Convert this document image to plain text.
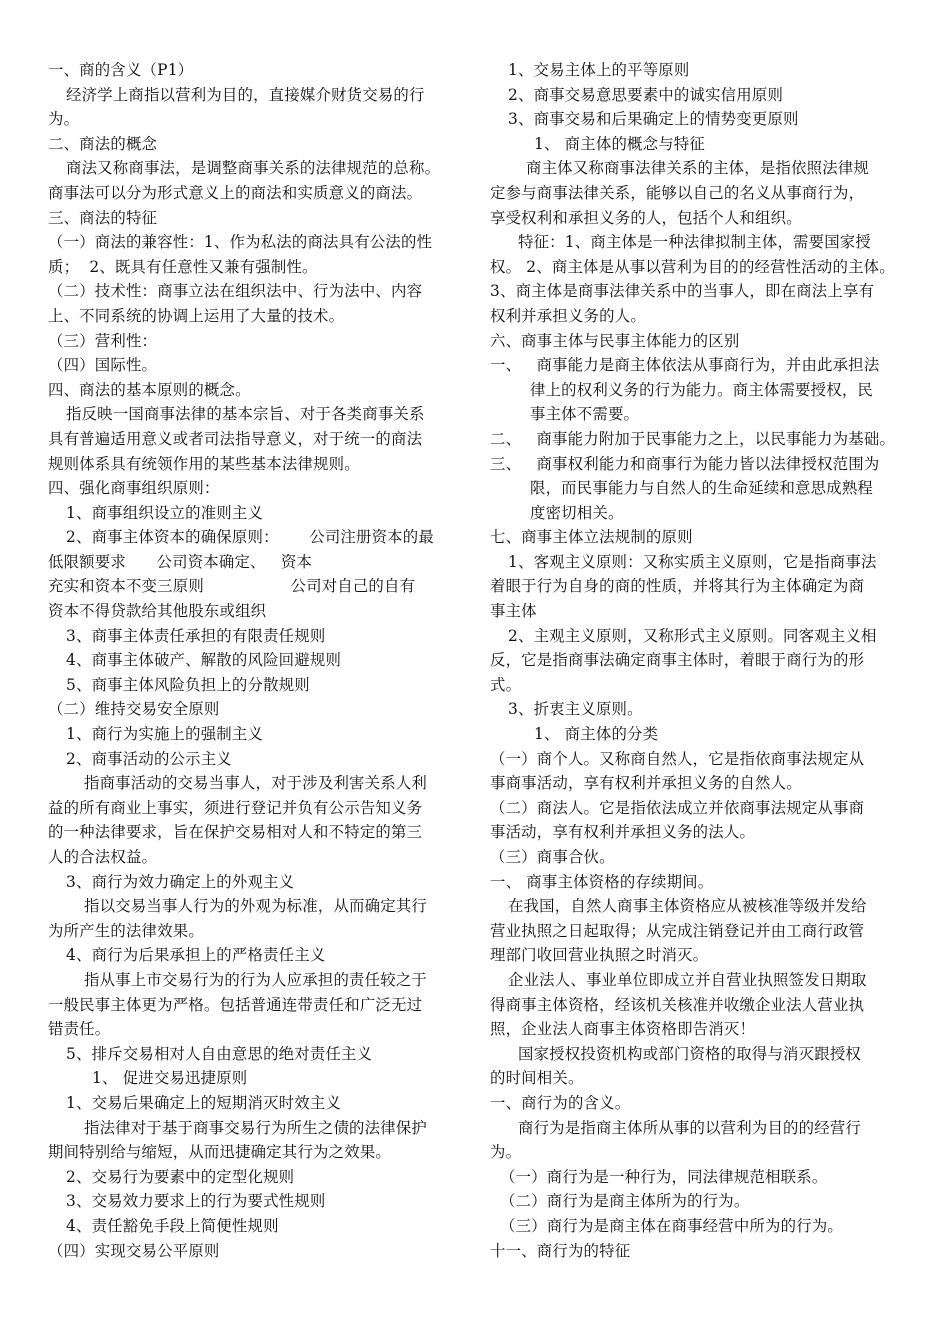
一、商的含义（P1）
经济学上商指以营利为目的，直接媒介财货交易的行
为。
二、商法的概念
商法又称商事法，是调整商事关系的法律规范的总称。
商事法可以分为形式意义上的商法和实质意义的商法。
三、商法的特征
（一）商法的兼容性：1、作为私法的商法具有公法的性
质；  2、既具有任意性又兼有强制性。
（二）技术性：商事立法在组织法中、行为法中、内容
上、不同系统的协调上运用了大量的技术。
（三）营利性：
（四）国际性。
四、商法的基本原则的概念。
指反映一国商事法律的基本宗旨、对于各类商事关系
具有普遍适用意义或者司法指导意义，对于统一的商法
规则体系具有统领作用的某些基本法律规则。
四、强化商事组织原则：
1、商事组织设立的准则主义
2、商事主体资本的确保原则：      公司注册资本的最
低限额要求      公司资本确定、   资本
充实和资本不变三原则                 公司对自己的自有
资本不得贷款给其他股东或组织
3、商事主体责任承担的有限责任规则
4、商事主体破产、解散的风险回避规则
5、商事主体风险负担上的分散规则
（二）维持交易安全原则
1、商行为实施上的强制主义
2、商事活动的公示主义
指商事活动的交易当事人，对于涉及利害关系人利
益的所有商业上事实，须进行登记并负有公示告知义务
的一种法律要求，旨在保护交易相对人和不特定的第三
人的合法权益。
3、商行为效力确定上的外观主义
指以交易当事人行为的外观为标准，从而确定其行
为所产生的法律效果。
4、商行为后果承担上的严格责任主义
指从事上市交易行为的行为人应承担的责任较之于
一般民事主体更为严格。包括普通连带责任和广泛无过
错责任。
5、排斥交易相对人自由意思的绝对责任主义
1、 促进交易迅捷原则
1、交易后果确定上的短期消灭时效主义
指法律对于基于商事交易行为所生之债的法律保护
期间特别给与缩短，从而迅捷确定其行为之效果。
2、交易行为要素中的定型化规则
3、交易效力要求上的行为要式性规则
4、责任豁免手段上简便性规则
（四）实现交易公平原则
1、交易主体上的平等原则
2、商事交易意思要素中的诚实信用原则
3、商事交易和后果确定上的情势变更原则
1、 商主体的概念与特征
商主体又称商事法律关系的主体，是指依照法律规
定参与商事法律关系，能够以自己的名义从事商行为，
享受权利和承担义务的人，包括个人和组织。
特征：1、商主体是一种法律拟制主体，需要国家授
权。 2、商主体是从事以营利为目的的经营性活动的主体。
3、商主体是商事法律关系中的当事人，即在商法上享有
权利并承担义务的人。
六、商事主体与民事主体能力的区别
一、   商事能力是商主体依法从事商行为，并由此承担法
律上的权利义务的行为能力。商主体需要授权，民
事主体不需要。
二、   商事能力附加于民事能力之上，以民事能力为基础。
三、   商事权利能力和商事行为能力皆以法律授权范围为
限，而民事能力与自然人的生命延续和意思成熟程
度密切相关。
七、商事主体立法规制的原则
1、客观主义原则：又称实质主义原则，它是指商事法
着眼于行为自身的商的性质，并将其行为主体确定为商
事主体
2、主观主义原则，又称形式主义原则。同客观主义相
反，它是指商事法确定商事主体时，着眼于商行为的形
式。
3、折衷主义原则。
1、 商主体的分类
（一）商个人。又称商自然人，它是指依商事法规定从
事商事活动，享有权利并承担义务的自然人。
（二）商法人。它是指依法成立并依商事法规定从事商
事活动，享有权利并承担义务的法人。
（三）商事合伙。
一、 商事主体资格的存续期间。
在我国，自然人商事主体资格应从被核准等级并发给
营业执照之日起取得；从完成注销登记并由工商行政管
理部门收回营业执照之时消灭。
企业法人、事业单位即成立并自营业执照签发日期取
得商事主体资格，经该机关核准并收缴企业法人营业执
照，企业法人商事主体资格即告消灭！
国家授权投资机构或部门资格的取得与消灭跟授权
的时间相关。
一、商行为的含义。
商行为是指商主体所从事的以营利为目的的经营行
为。
（一）商行为是一种行为，同法律规范相联系。
（二）商行为是商主体所为的行为。
（三）商行为是商主体在商事经营中所为的行为。
十一、商行为的特征
